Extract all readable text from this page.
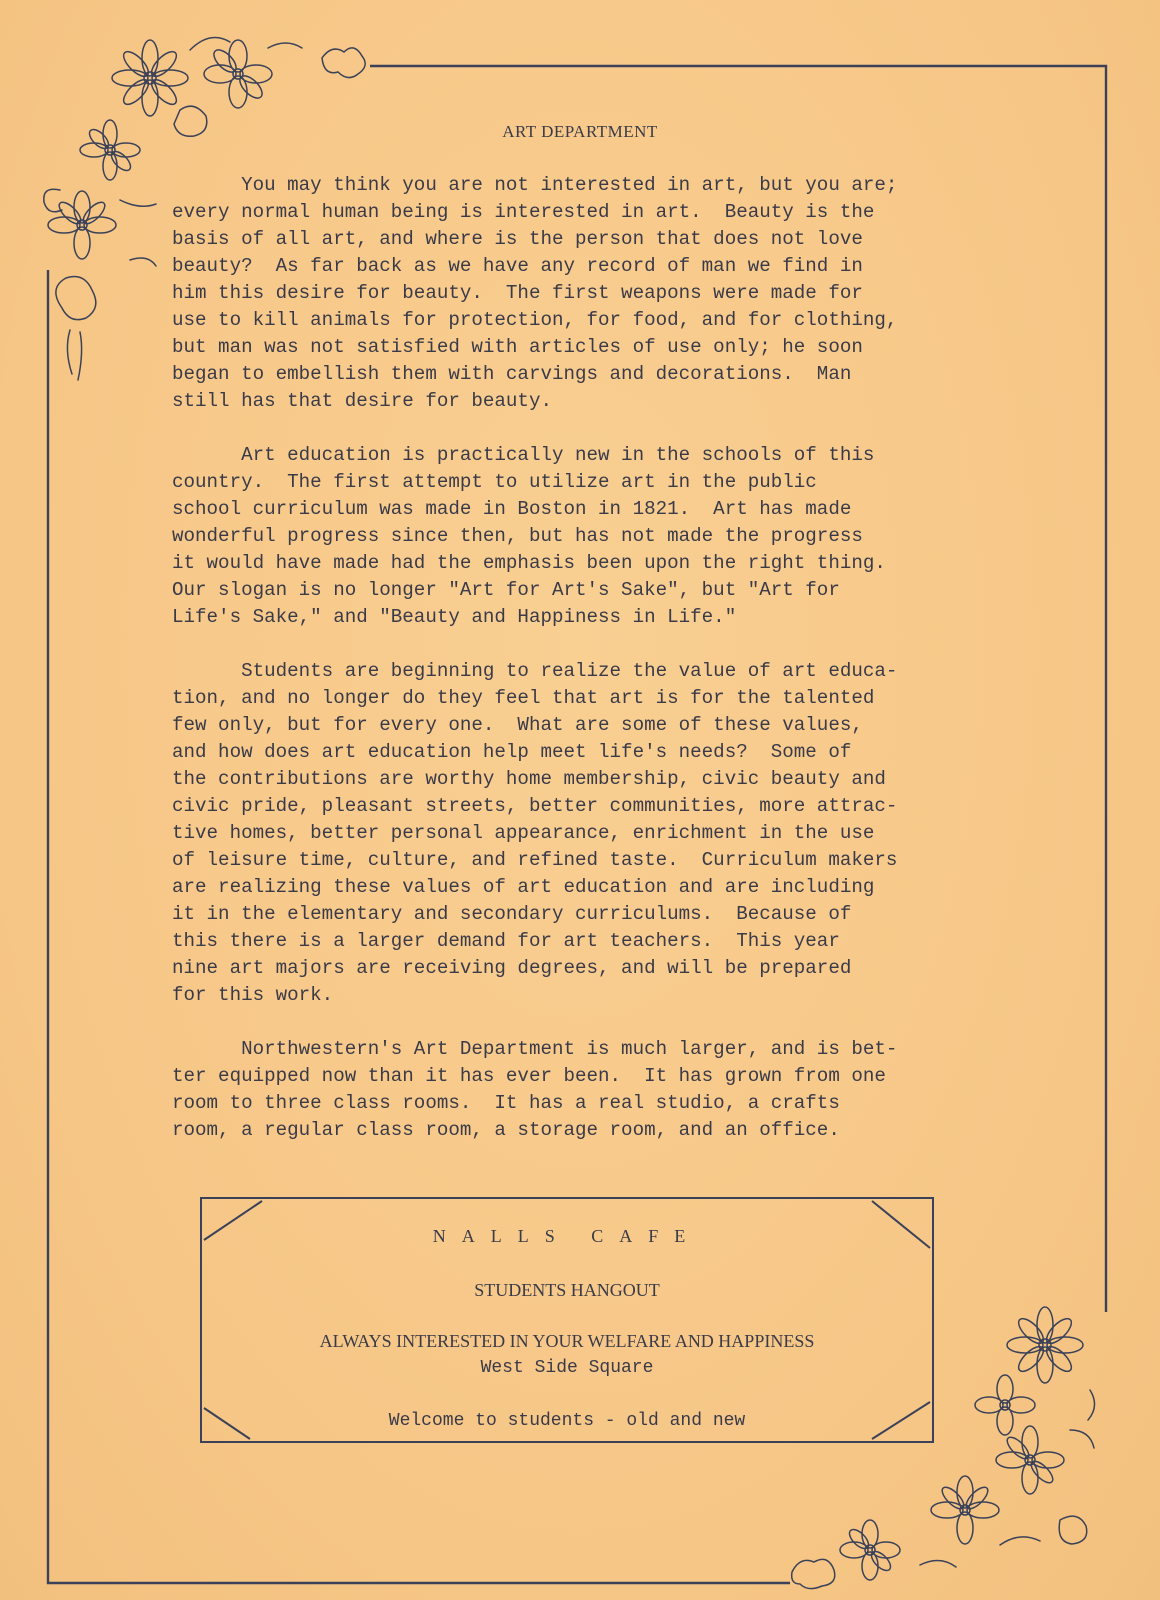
ART DEPARTMENT
You may think you are not interested in art, but you are;
every normal human being is interested in art.  Beauty is the
basis of all art, and where is the person that does not love
beauty?  As far back as we have any record of man we find in
him this desire for beauty.  The first weapons were made for
use to kill animals for protection, for food, and for clothing,
but man was not satisfied with articles of use only; he soon
began to embellish them with carvings and decorations.  Man
still has that desire for beauty.
Art education is practically new in the schools of this
country.  The first attempt to utilize art in the public
school curriculum was made in Boston in 1821.  Art has made
wonderful progress since then, but has not made the progress
it would have made had the emphasis been upon the right thing.
Our slogan is no longer "Art for Art's Sake", but "Art for
Life's Sake," and "Beauty and Happiness in Life."
Students are beginning to realize the value of art educa-
tion, and no longer do they feel that art is for the talented
few only, but for every one.  What are some of these values,
and how does art education help meet life's needs?  Some of
the contributions are worthy home membership, civic beauty and
civic pride, pleasant streets, better communities, more attrac-
tive homes, better personal appearance, enrichment in the use
of leisure time, culture, and refined taste.  Curriculum makers
are realizing these values of art education and are including
it in the elementary and secondary curriculums.  Because of
this there is a larger demand for art teachers.  This year
nine art majors are receiving degrees, and will be prepared
for this work.
Northwestern's Art Department is much larger, and is bet-
ter equipped now than it has ever been.  It has grown from one
room to three class rooms.  It has a real studio, a crafts
room, a regular class room, a storage room, and an office.
NALLS CAFE
STUDENTS HANGOUT
ALWAYS INTERESTED IN YOUR WELFARE AND HAPPINESS
West Side Square
Welcome to students - old and new
